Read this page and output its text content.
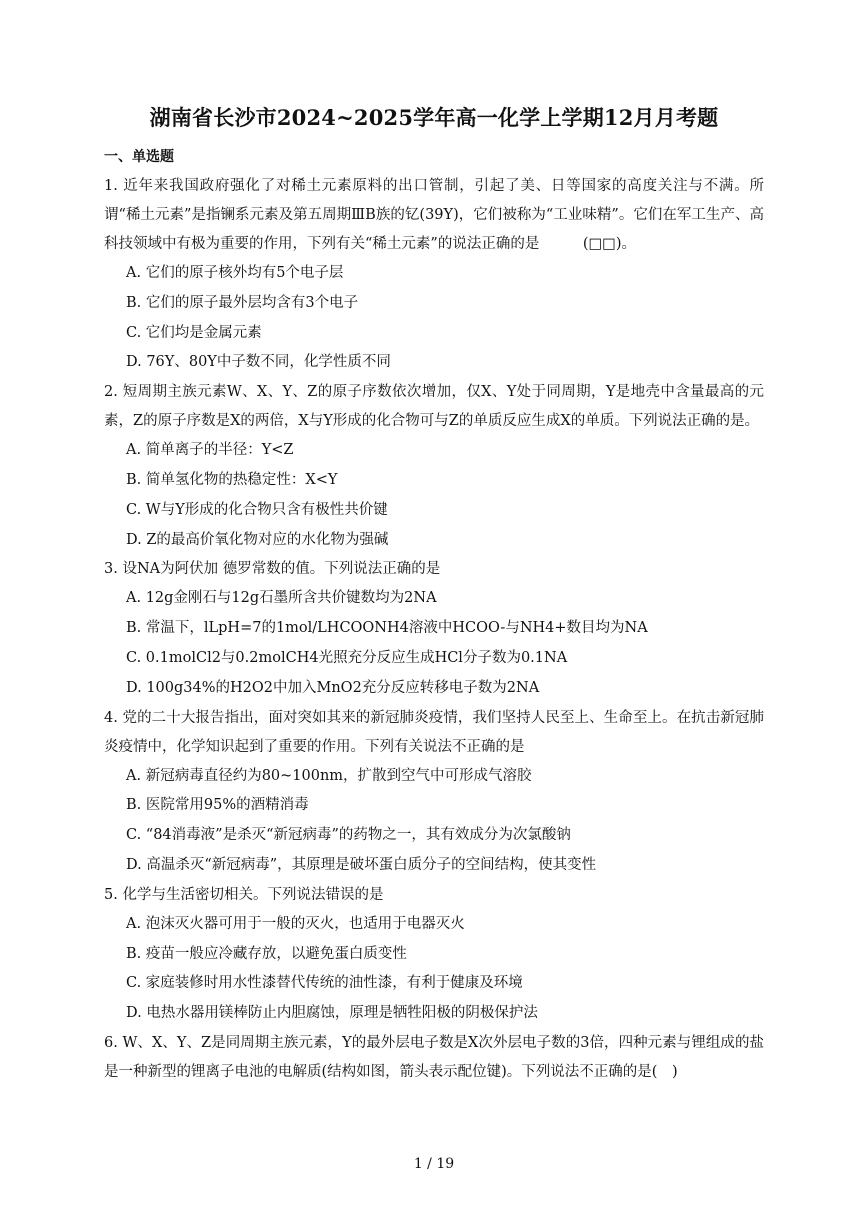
湖南省长沙市2024~2025学年高一化学上学期12月月考题
一、单选题
1. 近年来我国政府强化了对稀土元素原料的出口管制，引起了美、日等国家的高度关注与不满。所谓“稀土元素”是指镧系元素及第五周期ⅢB族的钇(39Y)，它们被称为“工业味精”。它们在军工生产、高科技领域中有极为重要的作用，下列有关“稀土元素”的说法正确的是　　　(□□)。
A. 它们的原子核外均有5个电子层
B. 它们的原子最外层均含有3个电子
C. 它们均是金属元素
D. 76Y、80Y中子数不同，化学性质不同
2. 短周期主族元素W、X、Y、Z的原子序数依次增加，仅X、Y处于同周期，Y是地壳中含量最高的元素，Z的原子序数是X的两倍，X与Y形成的化合物可与Z的单质反应生成X的单质。下列说法正确的是。
A. 简单离子的半径：Y<Z
B. 简单氢化物的热稳定性：X<Y
C. W与Y形成的化合物只含有极性共价键
D. Z的最高价氧化物对应的水化物为强碱
3. 设NA为阿伏加 德罗常数的值。下列说法正确的是
A. 12g金刚石与12g石墨所含共价键数均为2NA
B. 常温下，lLpH=7的1mol/LHCOONH4溶液中HCOO-与NH4+数目均为NA
C. 0.1molCl2与0.2molCH4光照充分反应生成HCl分子数为0.1NA
D. 100g34%的H2O2中加入MnO2充分反应转移电子数为2NA
4. 党的二十大报告指出，面对突如其来的新冠肺炎疫情，我们坚持人民至上、生命至上。在抗击新冠肺炎疫情中，化学知识起到了重要的作用。下列有关说法不正确的是
A. 新冠病毒直径约为80~100nm，扩散到空气中可形成气溶胶
B. 医院常用95%的酒精消毒
C. “84消毒液”是杀灭“新冠病毒”的药物之一，其有效成分为次氯酸钠
D. 高温杀灭“新冠病毒”，其原理是破坏蛋白质分子的空间结构，使其变性
5. 化学与生活密切相关。下列说法错误的是
A. 泡沫灭火器可用于一般的灭火，也适用于电器灭火
B. 疫苗一般应冷藏存放，以避免蛋白质变性
C. 家庭装修时用水性漆替代传统的油性漆，有利于健康及环境
D. 电热水器用镁棒防止内胆腐蚀，原理是牺牲阳极的阴极保护法
6. W、X、Y、Z是同周期主族元素，Y的最外层电子数是X次外层电子数的3倍，四种元素与锂组成的盐是一种新型的锂离子电池的电解质(结构如图，箭头表示配位键)。下列说法不正确的是(　)
1 / 19
